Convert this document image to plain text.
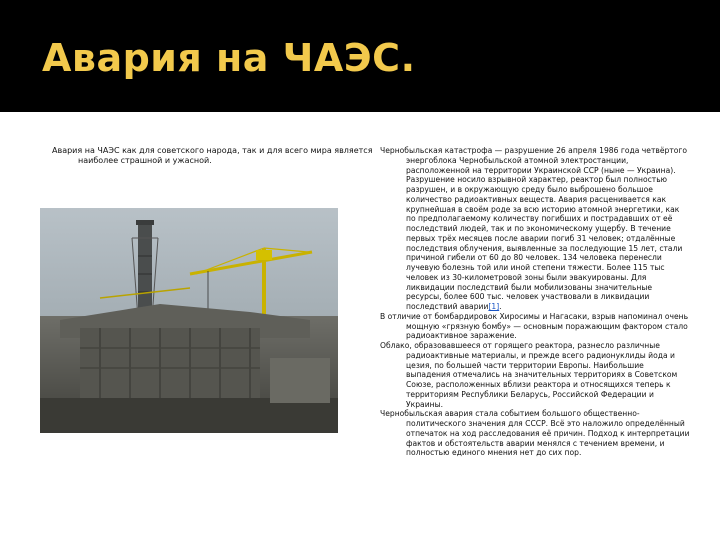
Авария на ЧАЭС.
Авария на ЧАЭС как для советского народа, так и для всего мира является наиболее страшной и ужасной.

Чернобыльская катастрофа — разрушение 26 апреля 1986 года четвёртого энергоблока Чернобыльской атомной электростанции, расположенной на территории Украинской ССР (ныне — Украина). Разрушение носило взрывной характер, реактор был полностью разрушен, и в окружающую среду было выброшено большое количество радиоактивных веществ. Авария расценивается как крупнейшая в своём роде за всю историю атомной энергетики, как по предполагаемому количеству погибших и пострадавших от её последствий людей, так и по экономическому ущербу. В течение первых трёх месяцев после аварии погиб 31 человек; отдалённые последствия облучения, выявленные за последующие 15 лет, стали причиной гибели от 60 до 80 человек. 134 человека перенесли лучевую болезнь той или иной степени тяжести. Более 115 тыс человек из 30-километровой зоны были эвакуированы. Для ликвидации последствий были мобилизованы значительные ресурсы, более 600 тыс. человек участвовали в ликвидации последствий аварии[1].

В отличие от бомбардировок Хиросимы и Нагасаки, взрыв напоминал очень мощную «грязную бомбу» — основным поражающим фактором стало радиоактивное заражение.

Облако, образовавшееся от горящего реактора, разнесло различные радиоактивные материалы, и прежде всего радионуклиды йода и цезия, по большей части территории Европы. Наибольшие выпадения отмечались на значительных территориях в Советском Союзе, расположенных вблизи реактора и относящихся теперь к территориям Республики Беларусь, Российской Федерации и Украины.

Чернобыльская авария стала событием большого общественно-политического значения для СССР. Всё это наложило определённый отпечаток на ход расследования её причин. Подход к интерпретации фактов и обстоятельств аварии менялся с течением времени, и полностью единого мнения нет до сих пор.
